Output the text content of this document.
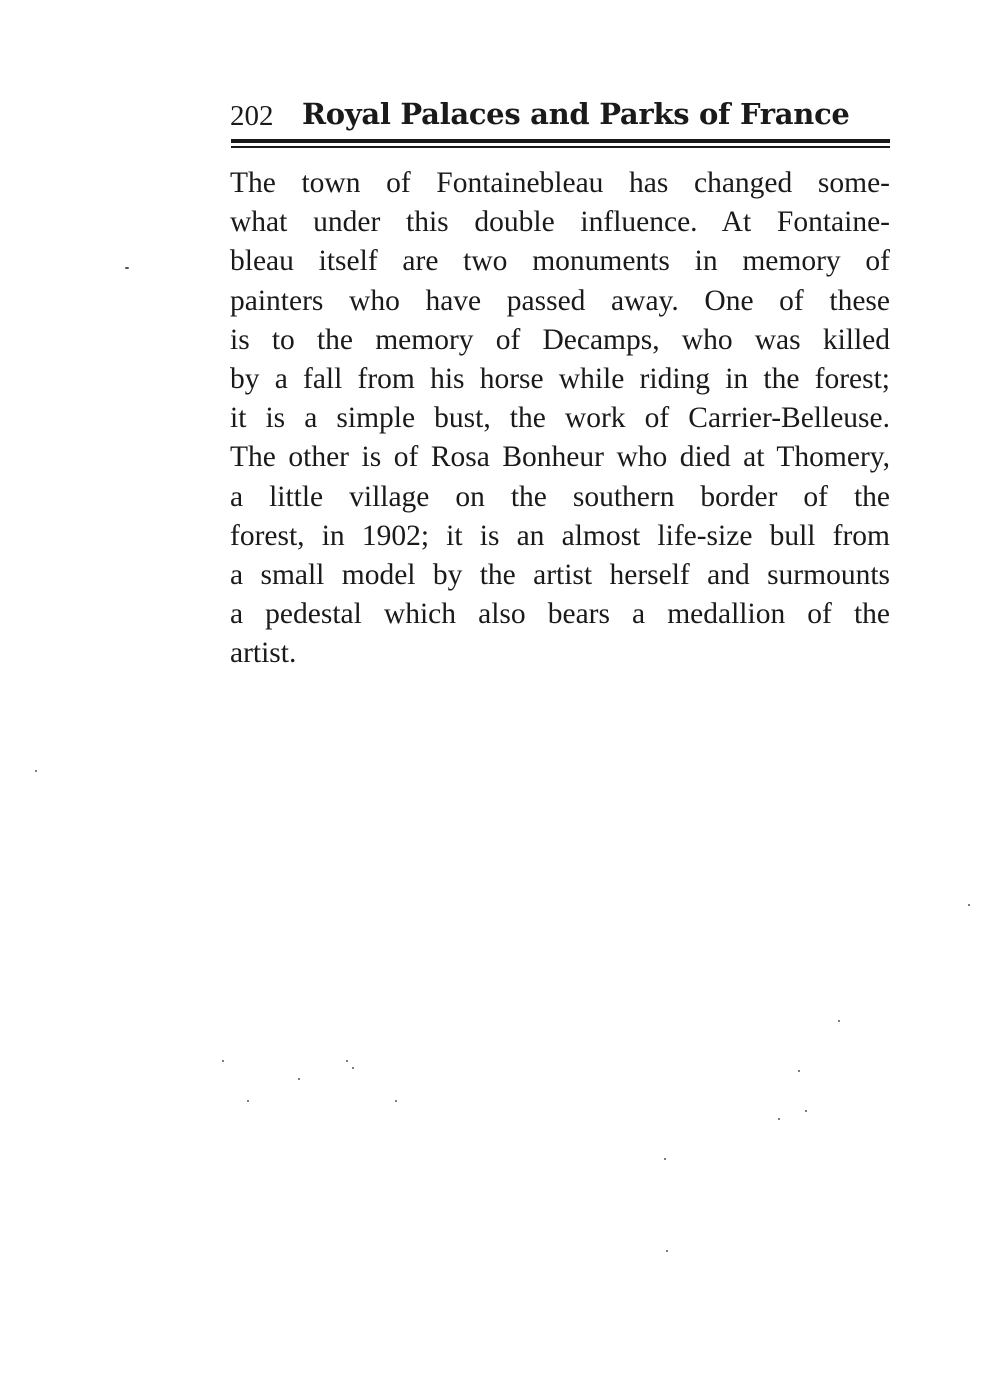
202 Royal Palaces and Parks of France
The town of Fontainebleau has changed some-
what under this double influence. At Fontaine-
bleau itself are two monuments in memory of
painters who have passed away. One of these
is to the memory of Decamps, who was killed
by a fall from his horse while riding in the forest;
it is a simple bust, the work of Carrier-Belleuse.
The other is of Rosa Bonheur who died at Thomery,
a little village on the southern border of the
forest, in 1902; it is an almost life-size bull from
a small model by the artist herself and surmounts
a pedestal which also bears a medallion of the
artist.
